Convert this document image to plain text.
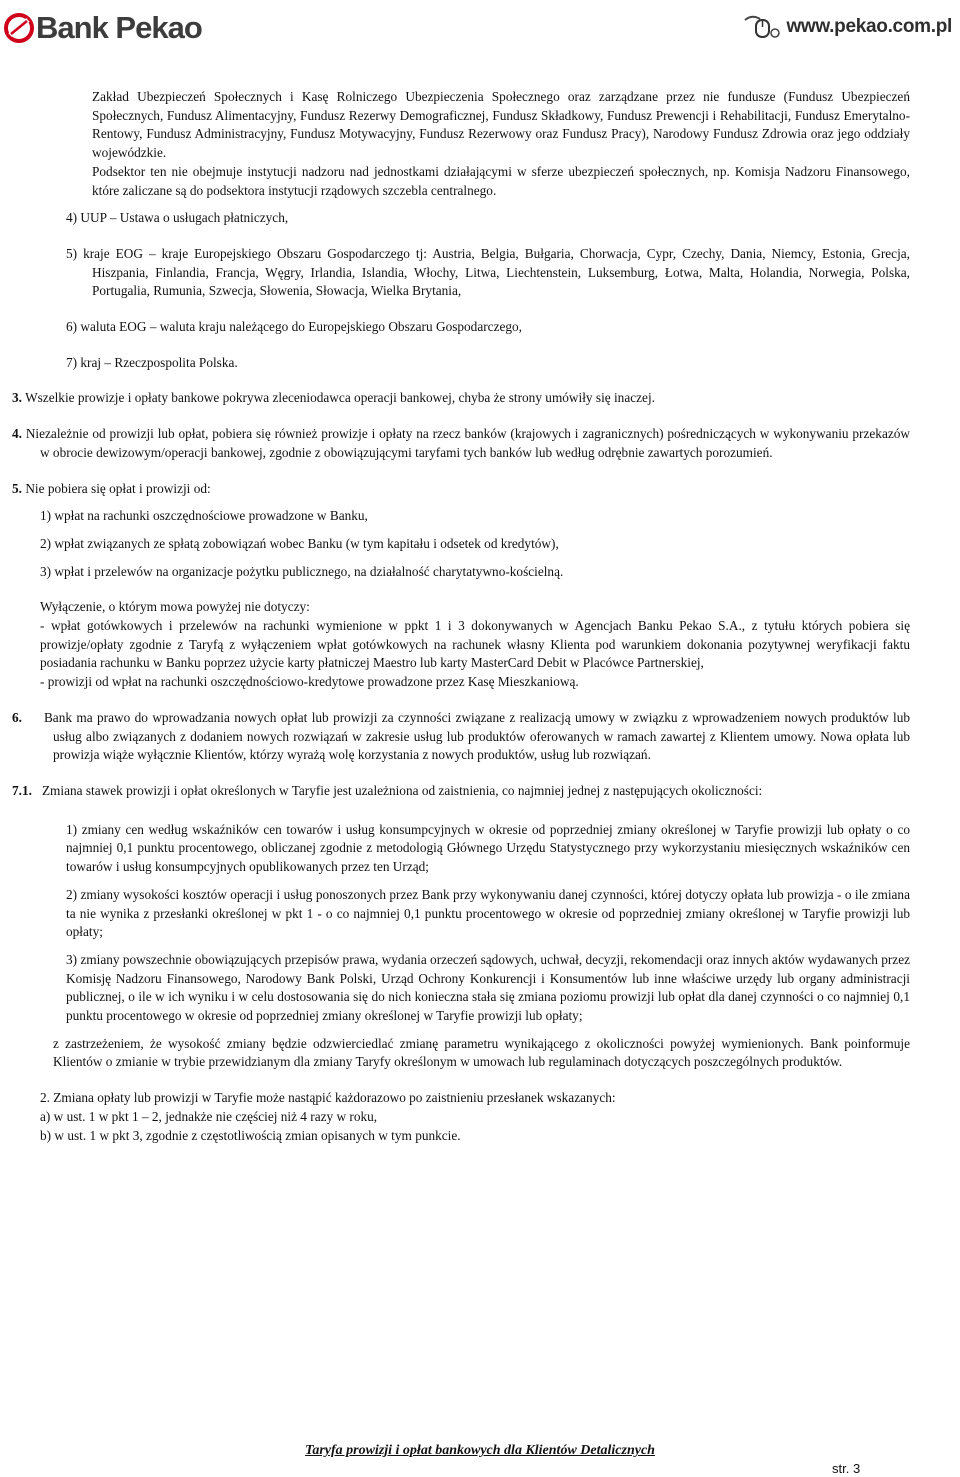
Bank Pekao	www.pekao.com.pl

Zakład Ubezpieczeń Społecznych i Kasę Rolniczego Ubezpieczenia Społecznego oraz zarządzane przez nie fundusze (Fundusz Ubezpieczeń Społecznych, Fundusz Alimentacyjny, Fundusz Rezerwy Demograficznej, Fundusz Składkowy, Fundusz Prewencji i Rehabilitacji, Fundusz Emerytalno-Rentowy, Fundusz Administracyjny, Fundusz Motywacyjny, Fundusz Rezerwowy oraz Fundusz Pracy), Narodowy Fundusz Zdrowia oraz jego oddziały wojewódzkie.

Podsektor ten nie obejmuje instytucji nadzoru nad jednostkami działającymi w sferze ubezpieczeń społecznych, np. Komisja Nadzoru Finansowego, które zaliczane są do podsektora instytucji rządowych szczebla centralnego.

4) UUP – Ustawa o usługach płatniczych,

5) kraje EOG – kraje Europejskiego Obszaru Gospodarczego tj: Austria, Belgia, Bułgaria, Chorwacja, Cypr, Czechy, Dania, Niemcy, Estonia, Grecja, Hiszpania, Finlandia, Francja, Węgry, Irlandia, Islandia, Włochy, Litwa, Liechtenstein, Luksemburg, Łotwa, Malta, Holandia, Norwegia, Polska, Portugalia, Rumunia, Szwecja, Słowenia, Słowacja, Wielka Brytania,

6) waluta EOG – waluta kraju należącego do Europejskiego Obszaru Gospodarczego,

7) kraj – Rzeczpospolita Polska.

3. Wszelkie prowizje i opłaty bankowe pokrywa zleceniodawca operacji bankowej, chyba że strony umówiły się inaczej.

4. Niezależnie od prowizji lub opłat, pobiera się również prowizje i opłaty na rzecz banków (krajowych i zagranicznych) pośredniczących w wykonywaniu przekazów w obrocie dewizowym/operacji bankowej, zgodnie z obowiązującymi taryfami tych banków lub według odrębnie zawartych porozumień.

5. Nie pobiera się opłat i prowizji od:

1) wpłat na rachunki oszczędnościowe prowadzone w Banku,

2) wpłat związanych ze spłatą zobowiązań wobec Banku (w tym kapitału i odsetek od kredytów),

3) wpłat i przelewów na organizacje pożytku publicznego, na działalność charytatywno-kościelną.

Wyłączenie, o którym mowa powyżej nie dotyczy:

- wpłat gotówkowych i przelewów na rachunki wymienione w ppkt 1 i 3 dokonywanych w Agencjach Banku Pekao S.A., z tytułu których pobiera się prowizje/opłaty zgodnie z Taryfą z wyłączeniem wpłat gotówkowych na rachunek własny Klienta pod warunkiem dokonania pozytywnej weryfikacji faktu posiadania rachunku w Banku poprzez użycie karty płatniczej Maestro lub karty MasterCard Debit w Placówce Partnerskiej,

- prowizji od wpłat na rachunki oszczędnościowo-kredytowe prowadzone przez Kasę Mieszkaniową.

6. Bank ma prawo do wprowadzania nowych opłat lub prowizji za czynności związane z realizacją umowy w związku z wprowadzeniem nowych produktów lub usług albo związanych z dodaniem nowych rozwiązań w zakresie usług lub produktów oferowanych w ramach zawartej z Klientem umowy. Nowa opłata lub prowizja wiąże wyłącznie Klientów, którzy wyrażą wolę korzystania z nowych produktów, usług lub rozwiązań.

7.1. Zmiana stawek prowizji i opłat określonych w Taryfie jest uzależniona od zaistnienia, co najmniej jednej z następujących okoliczności:

1) zmiany cen według wskaźników cen towarów i usług konsumpcyjnych w okresie od poprzedniej zmiany określonej w Taryfie prowizji lub opłaty o co najmniej 0,1 punktu procentowego, obliczanej zgodnie z metodologią Głównego Urzędu Statystycznego przy wykorzystaniu miesięcznych wskaźników cen towarów i usług konsumpcyjnych opublikowanych przez ten Urząd;

2) zmiany wysokości kosztów operacji i usług ponoszonych przez Bank przy wykonywaniu danej czynności, której dotyczy opłata lub prowizja - o ile zmiana ta nie wynika z przesłanki określonej w pkt 1 - o co najmniej 0,1 punktu procentowego w okresie od poprzedniej zmiany określonej w Taryfie prowizji lub opłaty;

3) zmiany powszechnie obowiązujących przepisów prawa, wydania orzeczeń sądowych, uchwał, decyzji, rekomendacji oraz innych aktów wydawanych przez Komisję Nadzoru Finansowego, Narodowy Bank Polski, Urząd Ochrony Konkurencji i Konsumentów lub inne właściwe urzędy lub organy administracji publicznej, o ile w ich wyniku i w celu dostosowania się do nich konieczna stała się zmiana poziomu prowizji lub opłat dla danej czynności o co najmniej 0,1 punktu procentowego w okresie od poprzedniej zmiany określonej w Taryfie prowizji lub opłaty;

z zastrzeżeniem, że wysokość zmiany będzie odzwierciedlać zmianę parametru wynikającego z okoliczności powyżej wymienionych. Bank poinformuje Klientów o zmianie w trybie przewidzianym dla zmiany Taryfy określonym w umowach lub regulaminach dotyczących poszczególnych produktów.

2. Zmiana opłaty lub prowizji w Taryfie może nastąpić każdorazowo po zaistnieniu przesłanek wskazanych:

a) w ust. 1 w pkt 1 – 2, jednakże nie częściej niż 4 razy w roku,

b) w ust. 1 w pkt 3, zgodnie z częstotliwością zmian opisanych w tym punkcie.

Taryfa prowizji i opłat bankowych dla Klientów Detalicznych
str. 3
